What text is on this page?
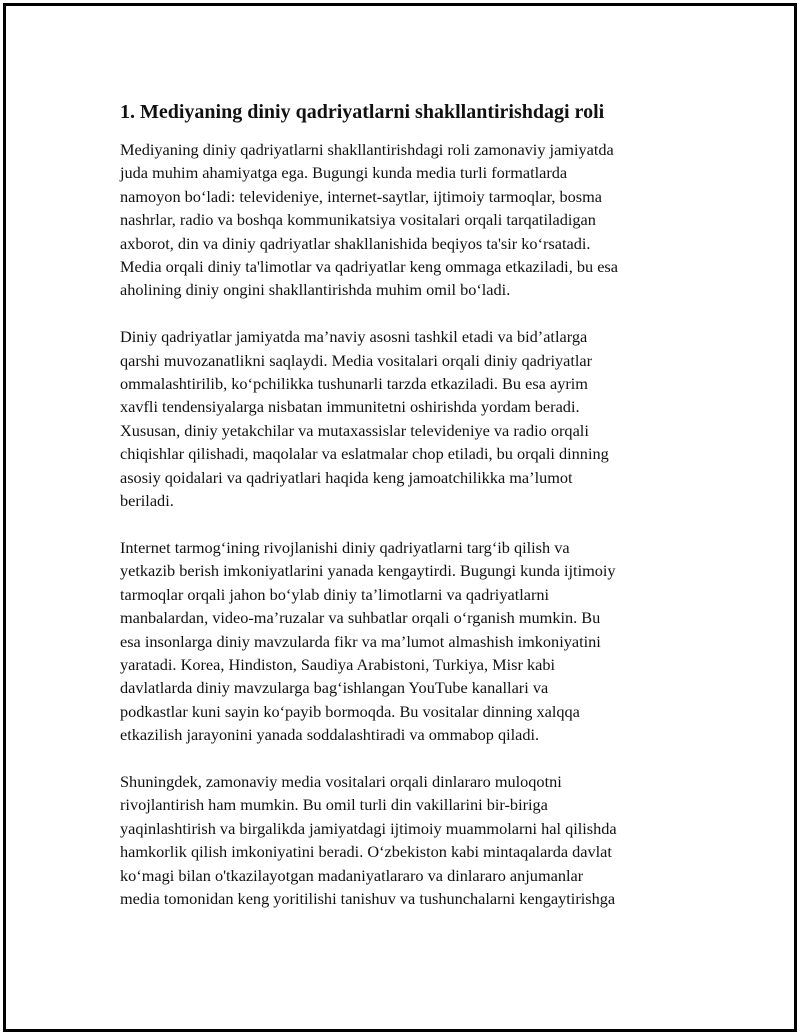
1. Mediyaning diniy qadriyatlarni shakllantirishdagi roli
Mediyaning diniy qadriyatlarni shakllantirishdagi roli zamonaviy jamiyatda
juda muhim ahamiyatga ega. Bugungi kunda media turli formatlarda
namoyon bo‘ladi: televideniye, internet-saytlar, ijtimoiy tarmoqlar, bosma
nashrlar, radio va boshqa kommunikatsiya vositalari orqali tarqatiladigan
axborot, din va diniy qadriyatlar shakllanishida beqiyos ta'sir ko‘rsatadi.
Media orqali diniy ta'limotlar va qadriyatlar keng ommaga etkaziladi, bu esa
aholining diniy ongini shakllantirishda muhim omil bo‘ladi.
Diniy qadriyatlar jamiyatda ma’naviy asosni tashkil etadi va bid’atlarga
qarshi muvozanatlikni saqlaydi. Media vositalari orqali diniy qadriyatlar
ommalashtirilib, ko‘pchilikka tushunarli tarzda etkaziladi. Bu esa ayrim
xavfli tendensiyalarga nisbatan immunitetni oshirishda yordam beradi.
Xususan, diniy yetakchilar va mutaxassislar televideniye va radio orqali
chiqishlar qilishadi, maqolalar va eslatmalar chop etiladi, bu orqali dinning
asosiy qoidalari va qadriyatlari haqida keng jamoatchilikka ma’lumot
beriladi.
Internet tarmog‘ining rivojlanishi diniy qadriyatlarni targ‘ib qilish va
yetkazib berish imkoniyatlarini yanada kengaytirdi. Bugungi kunda ijtimoiy
tarmoqlar orqali jahon bo‘ylab diniy ta’limotlarni va qadriyatlarni
manbalardan, video-ma’ruzalar va suhbatlar orqali o‘rganish mumkin. Bu
esa insonlarga diniy mavzularda fikr va ma’lumot almashish imkoniyatini
yaratadi. Korea, Hindiston, Saudiya Arabistoni, Turkiya, Misr kabi
davlatlarda diniy mavzularga bag‘ishlangan YouTube kanallari va
podkastlar kuni sayin ko‘payib bormoqda. Bu vositalar dinning xalqqa
etkazilish jarayonini yanada soddalashtiradi va ommabop qiladi.
Shuningdek, zamonaviy media vositalari orqali dinlararo muloqotni
rivojlantirish ham mumkin. Bu omil turli din vakillarini bir-biriga
yaqinlashtirish va birgalikda jamiyatdagi ijtimoiy muammolarni hal qilishda
hamkorlik qilish imkoniyatini beradi. O‘zbekiston kabi mintaqalarda davlat
ko‘magi bilan o'tkazilayotgan madaniyatlararo va dinlararo anjumanlar
media tomonidan keng yoritilishi tanishuv va tushunchalarni kengaytirishga
